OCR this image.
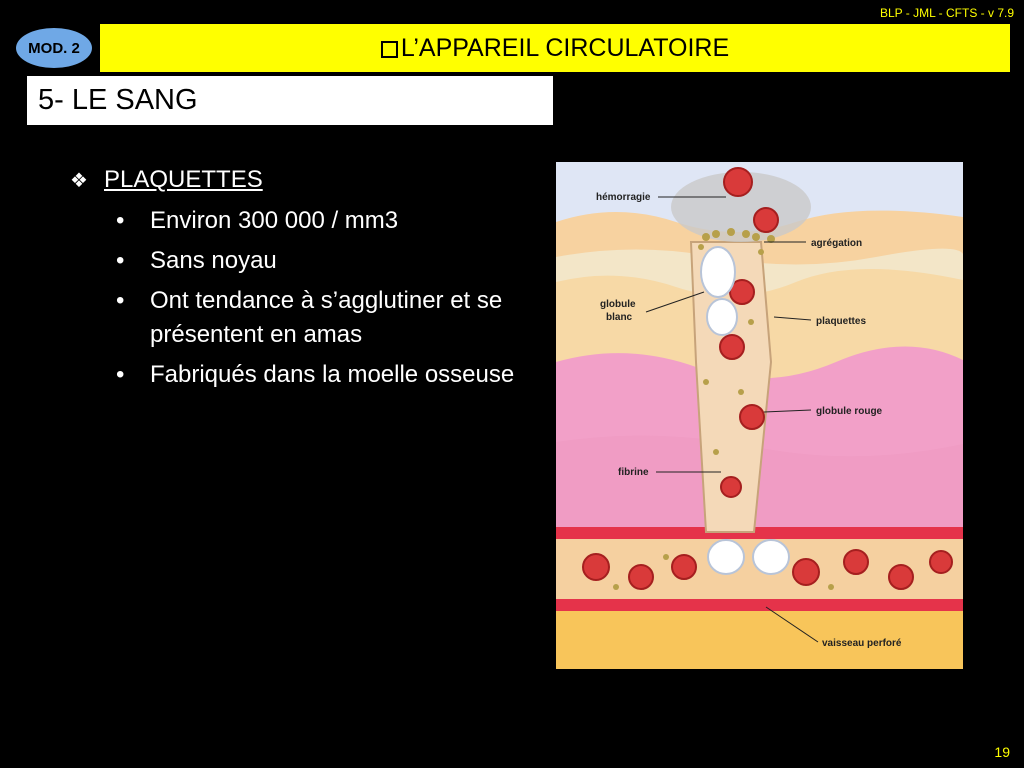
BLP - JML - CFTS - v 7.9
MOD. 2	L’APPAREIL CIRCULATOIRE
5- LE SANG
❖ PLAQUETTES
• Environ 300 000 / mm3
• Sans noyau
• Ont tendance à s’agglutiner et se présentent en amas
• Fabriqués dans la moelle osseuse
hémorragie
agrégation
globule
blanc	plaquettes
globule rouge
fibrine
vaisseau perforé
19
